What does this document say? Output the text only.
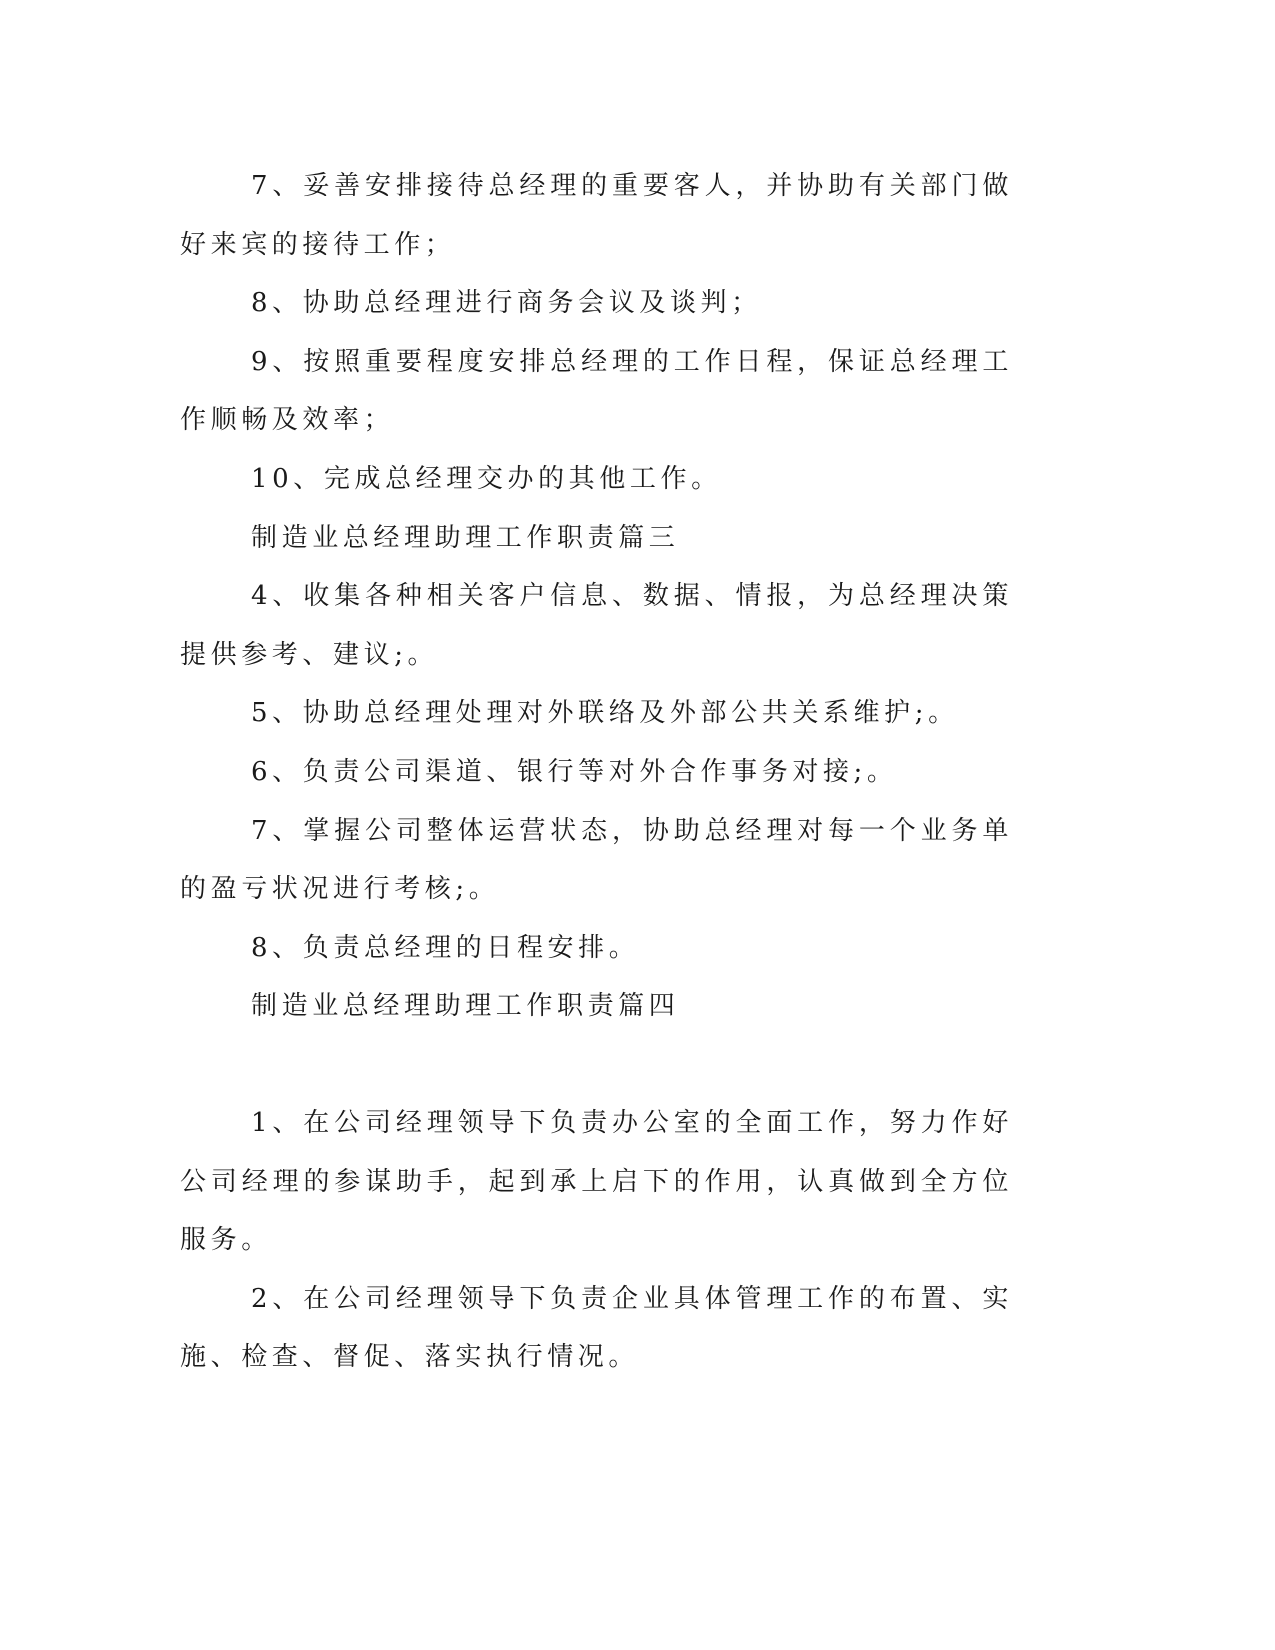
7、妥善安排接待总经理的重要客人，并协助有关部门做好来宾的接待工作；

8、协助总经理进行商务会议及谈判；

9、按照重要程度安排总经理的工作日程，保证总经理工作顺畅及效率；

10、完成总经理交办的其他工作。

制造业总经理助理工作职责篇三

4、收集各种相关客户信息、数据、情报，为总经理决策提供参考、建议;。

5、协助总经理处理对外联络及外部公共关系维护;。

6、负责公司渠道、银行等对外合作事务对接;。

7、掌握公司整体运营状态，协助总经理对每一个业务单的盈亏状况进行考核;。

8、负责总经理的日程安排。

制造业总经理助理工作职责篇四

1、在公司经理领导下负责办公室的全面工作，努力作好公司经理的参谋助手，起到承上启下的作用，认真做到全方位服务。

2、在公司经理领导下负责企业具体管理工作的布置、实施、检查、督促、落实执行情况。
